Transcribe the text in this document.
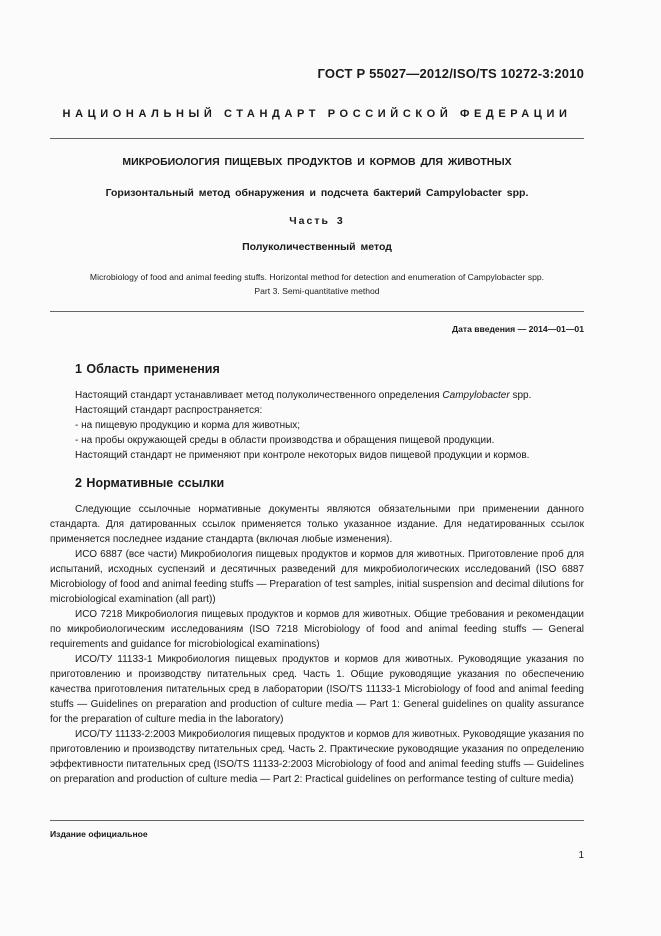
ГОСТ Р 55027—2012/ISO/TS 10272-3:2010
НАЦИОНАЛЬНЫЙ СТАНДАРТ РОССИЙСКОЙ ФЕДЕРАЦИИ
МИКРОБИОЛОГИЯ ПИЩЕВЫХ ПРОДУКТОВ И КОРМОВ ДЛЯ ЖИВОТНЫХ
Горизонтальный метод обнаружения и подсчета бактерий Campylobacter spp.
Часть 3
Полуколичественный метод
Microbiology of food and animal feeding stuffs. Horizontal method for detection and enumeration of Campylobacter spp.
Part 3. Semi-quantitative method
Дата введения — 2014—01—01
1 Область применения
Настоящий стандарт устанавливает метод полуколичественного определения Campylobacter spp.
Настоящий стандарт распространяется:
- на пищевую продукцию и корма для животных;
- на пробы окружающей среды в области производства и обращения пищевой продукции.
Настоящий стандарт не применяют при контроле некоторых видов пищевой продукции и кормов.
2 Нормативные ссылки

Следующие ссылочные нормативные документы являются обязательными при применении данного стандарта. Для датированных ссылок применяется только указанное издание. Для недатированных ссылок применяется последнее издание стандарта (включая любые изменения).

ИСО 6887 (все части) Микробиология пищевых продуктов и кормов для животных. Приготовление проб для испытаний, исходных суспензий и десятичных разведений для микробиологических исследований (ISO 6887 Microbiology of food and animal feeding stuffs — Preparation of test samples, initial suspension and decimal dilutions for microbiological examination (all part))

ИСО 7218 Микробиология пищевых продуктов и кормов для животных. Общие требования и рекомендации по микробиологическим исследованиям (ISO 7218 Microbiology of food and animal feeding stuffs — General requirements and guidance for microbiological examinations)

ИСО/ТУ 11133-1 Микробиология пищевых продуктов и кормов для животных. Руководящие указания по приготовлению и производству питательных сред. Часть 1. Общие руководящие указания по обеспечению качества приготовления питательных сред в лаборатории (ISO/TS 11133-1 Microbiology of food and animal feeding stuffs — Guidelines on preparation and production of culture media — Part 1: General guidelines on quality assurance for the preparation of culture media in the laboratory)

ИСО/ТУ 11133-2:2003 Микробиология пищевых продуктов и кормов для животных. Руководящие указания по приготовлению и производству питательных сред. Часть 2. Практические руководящие указания по определению эффективности питательных сред (ISO/TS 11133-2:2003 Microbiology of food and animal feeding stuffs — Guidelines on preparation and production of culture media — Part 2: Practical guidelines on performance testing of culture media)

Издание официальное
1
